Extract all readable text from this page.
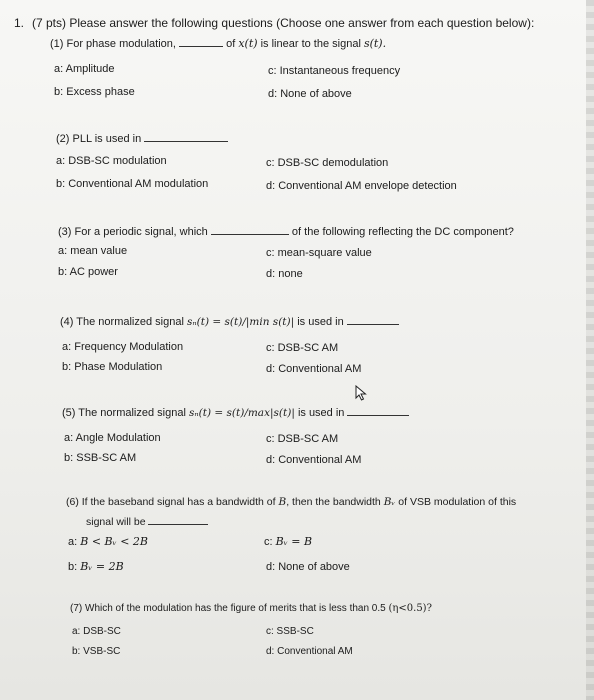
1. (7 pts) Please answer the following questions (Choose one answer from each question below):
(1) For phase modulation,	of x(t) is linear to the signal s(t).
a: Amplitude	c: Instantaneous frequency
b: Excess phase	d: None of above
(2) PLL is used in
a: DSB-SC modulation	c: DSB-SC demodulation
b: Conventional AM modulation	d: Conventional AM envelope detection
(3) For a periodic signal, which	of the following reflecting the DC component?
a: mean value	c: mean-square value
b: AC power	d: none
(4) The normalized signal sₙ(t) = s(t)/|min s(t)| is used in
a: Frequency Modulation	c: DSB-SC AM
b: Phase Modulation	d: Conventional AM
(5) The normalized signal sₙ(t) = s(t)/max|s(t)| is used in
a: Angle Modulation	c: DSB-SC AM
b: SSB-SC AM	d: Conventional AM
(6) If the baseband signal has a bandwidth of B, then the bandwidth Bᵥ of VSB modulation of this
signal will be
a: B < Bᵥ < 2B	c: Bᵥ = B
b: Bᵥ = 2B	d: None of above
(7) Which of the modulation has the figure of merits that is less than 0.5 (η<0.5)?
a: DSB-SC	c: SSB-SC
b: VSB-SC	d: Conventional AM
